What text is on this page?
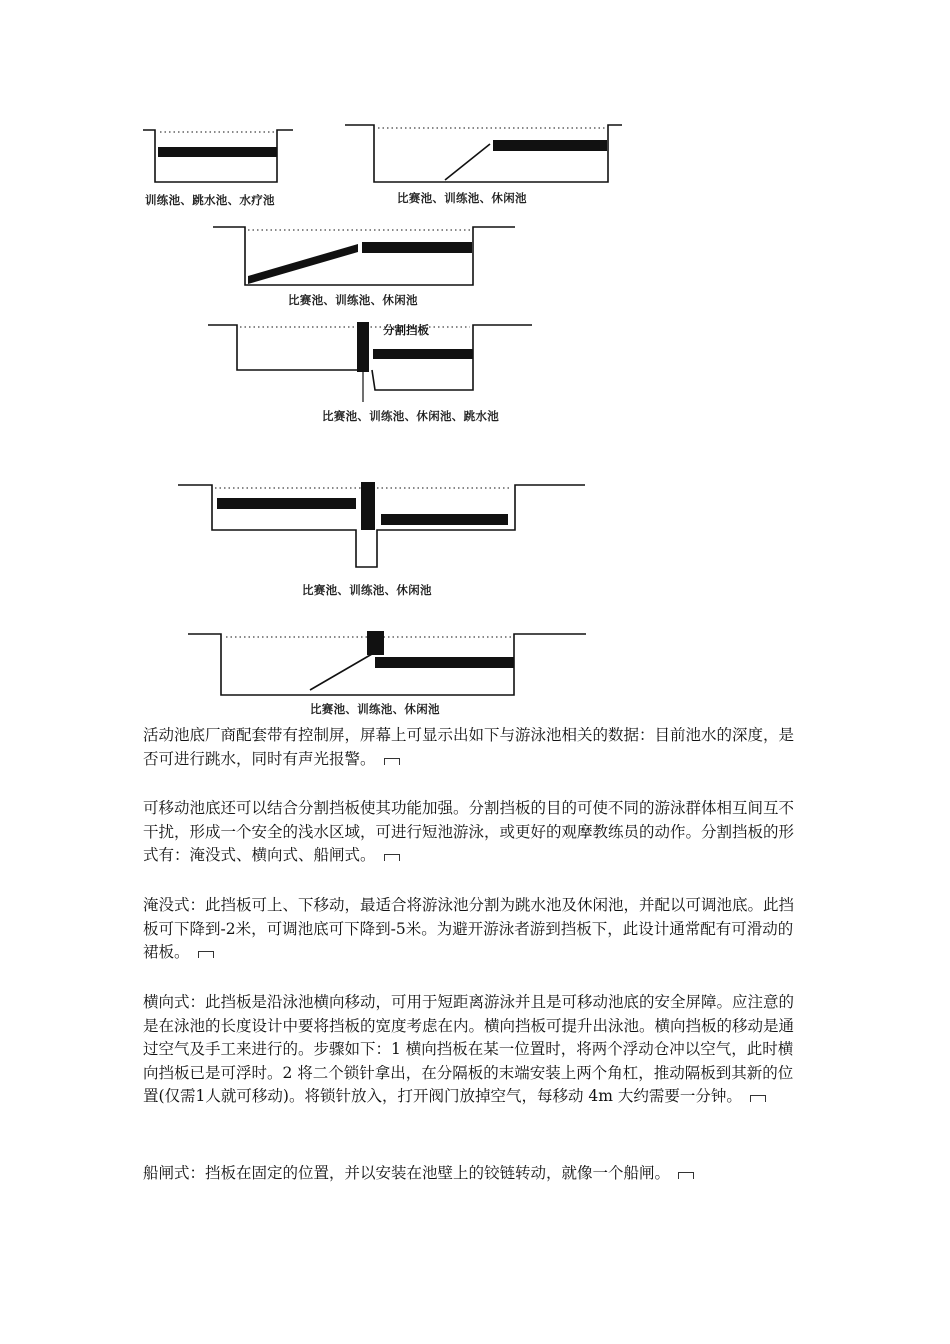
训练池、跳水池、水疗池	比赛池、训练池、休闲池
比赛池、训练池、休闲池
分割挡板
比赛池、训练池、休闲池、跳水池
比赛池、训练池、休闲池
比赛池、训练池、休闲池
活动池底厂商配套带有控制屏，屏幕上可显示出如下与游泳池相关的数据：目前池水的深度，是否可进行跳水，同时有声光报警。
可移动池底还可以结合分割挡板使其功能加强。分割挡板的目的可使不同的游泳群体相互间互不干扰，形成一个安全的浅水区域，可进行短池游泳，或更好的观摩教练员的动作。分割挡板的形式有：淹没式、横向式、船闸式。
淹没式：此挡板可上、下移动，最适合将游泳池分割为跳水池及休闲池，并配以可调池底。此挡板可下降到-2米，可调池底可下降到-5米。为避开游泳者游到挡板下，此设计通常配有可滑动的裙板。
横向式：此挡板是沿泳池横向移动，可用于短距离游泳并且是可移动池底的安全屏障。应注意的是在泳池的长度设计中要将挡板的宽度考虑在内。横向挡板可提升出泳池。横向挡板的移动是通过空气及手工来进行的。步骤如下：1 横向挡板在某一位置时，将两个浮动仓冲以空气，此时横向挡板已是可浮时。2 将二个锁针拿出，在分隔板的末端安装上两个角杠，推动隔板到其新的位置(仅需1人就可移动)。将锁针放入，打开阀门放掉空气，每移动 4m 大约需要一分钟。
船闸式：挡板在固定的位置，并以安装在池壁上的铰链转动，就像一个船闸。
